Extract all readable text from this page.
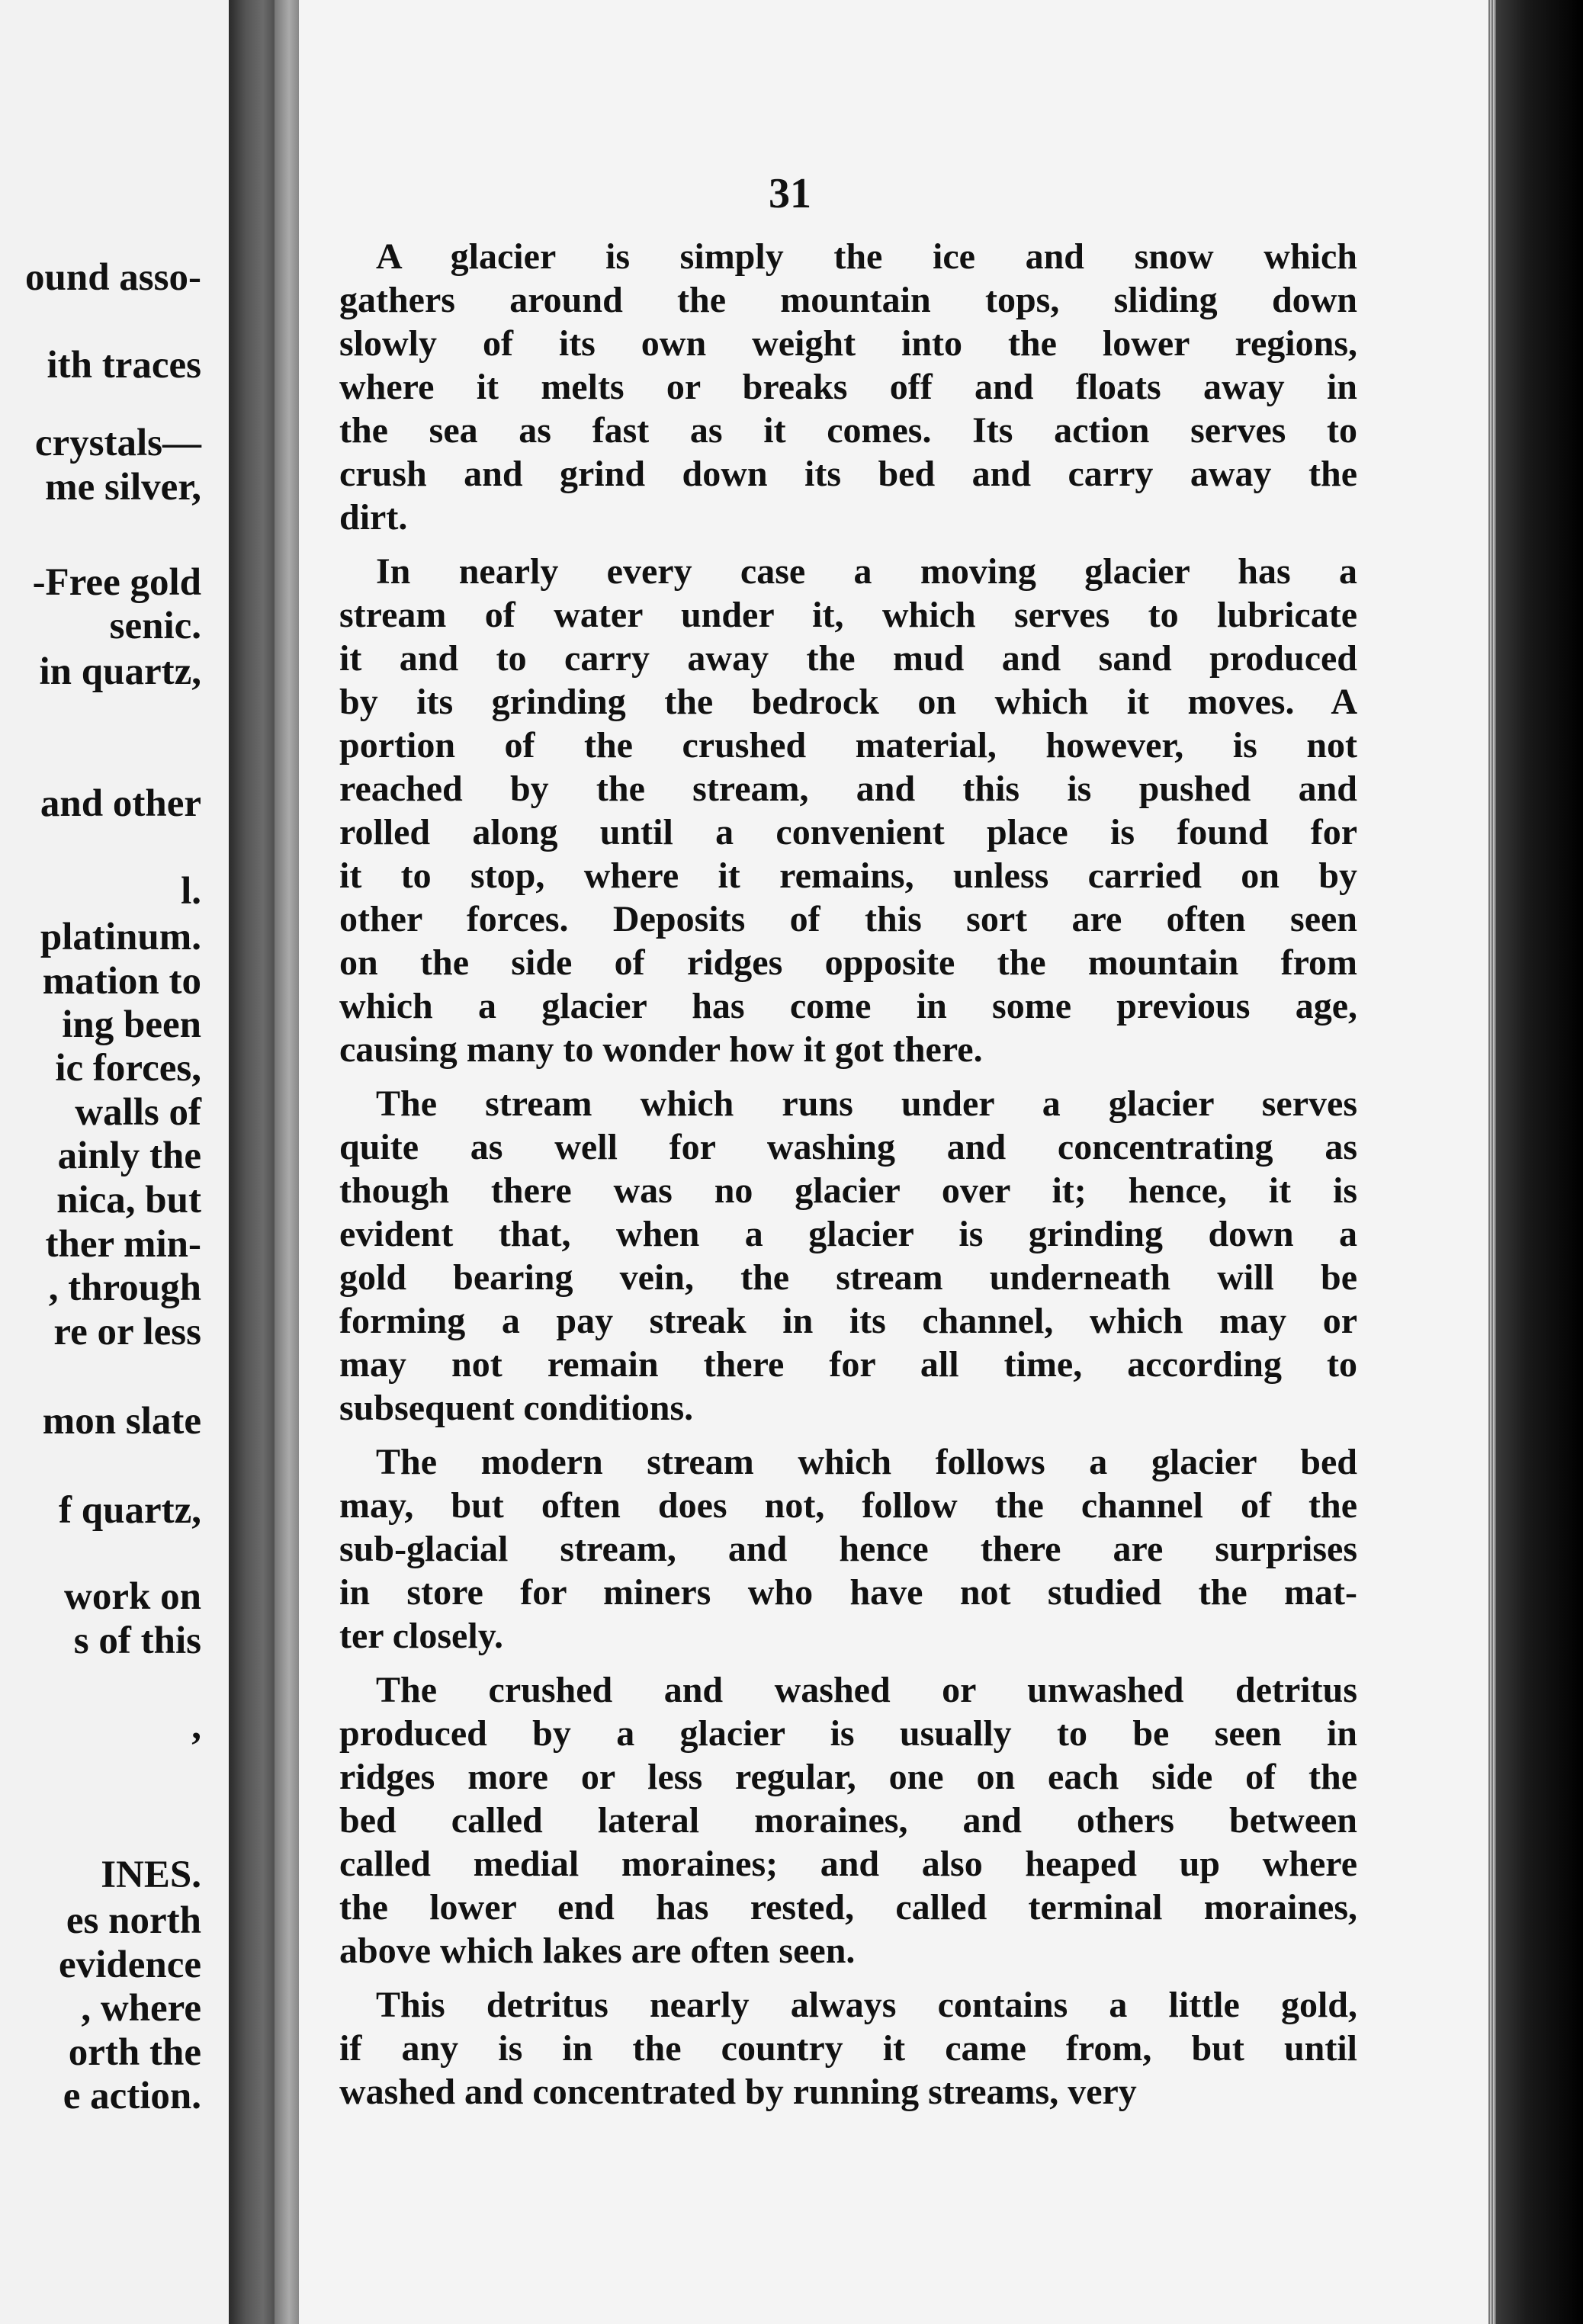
ound asso-
ith traces
crystals—
me silver,
-Free gold
senic.
in quartz,
and other
l.
platinum.
mation to
ing been
ic forces,
walls of
ainly the
nica, but
ther min-
, through
re or less
mon slate
f quartz,
work on
s of this
,
INES.
es north
evidence
, where
orth the
e action.
31
A glacier is simply the ice and snow which
gathers around the mountain tops, sliding down
slowly of its own weight into the lower regions,
where it melts or breaks off and floats away in
the sea as fast as it comes. Its action serves to
crush and grind down its bed and carry away the
dirt.
In nearly every case a moving glacier has a
stream of water under it, which serves to lubricate
it and to carry away the mud and sand produced
by its grinding the bedrock on which it moves. A
portion of the crushed material, however, is not
reached by the stream, and this is pushed and
rolled along until a convenient place is found for
it to stop, where it remains, unless carried on by
other forces. Deposits of this sort are often seen
on the side of ridges opposite the mountain from
which a glacier has come in some previous age,
causing many to wonder how it got there.
The stream which runs under a glacier serves
quite as well for washing and concentrating as
though there was no glacier over it; hence, it is
evident that, when a glacier is grinding down a
gold bearing vein, the stream underneath will be
forming a pay streak in its channel, which may or
may not remain there for all time, according to
subsequent conditions.
The modern stream which follows a glacier bed
may, but often does not, follow the channel of the
sub-glacial stream, and hence there are surprises
in store for miners who have not studied the mat-
ter closely.
The crushed and washed or unwashed detritus
produced by a glacier is usually to be seen in
ridges more or less regular, one on each side of the
bed called lateral moraines, and others between
called medial moraines; and also heaped up where
the lower end has rested, called terminal moraines,
above which lakes are often seen.
This detritus nearly always contains a little gold,
if any is in the country it came from, but until
washed and concentrated by running streams, very
